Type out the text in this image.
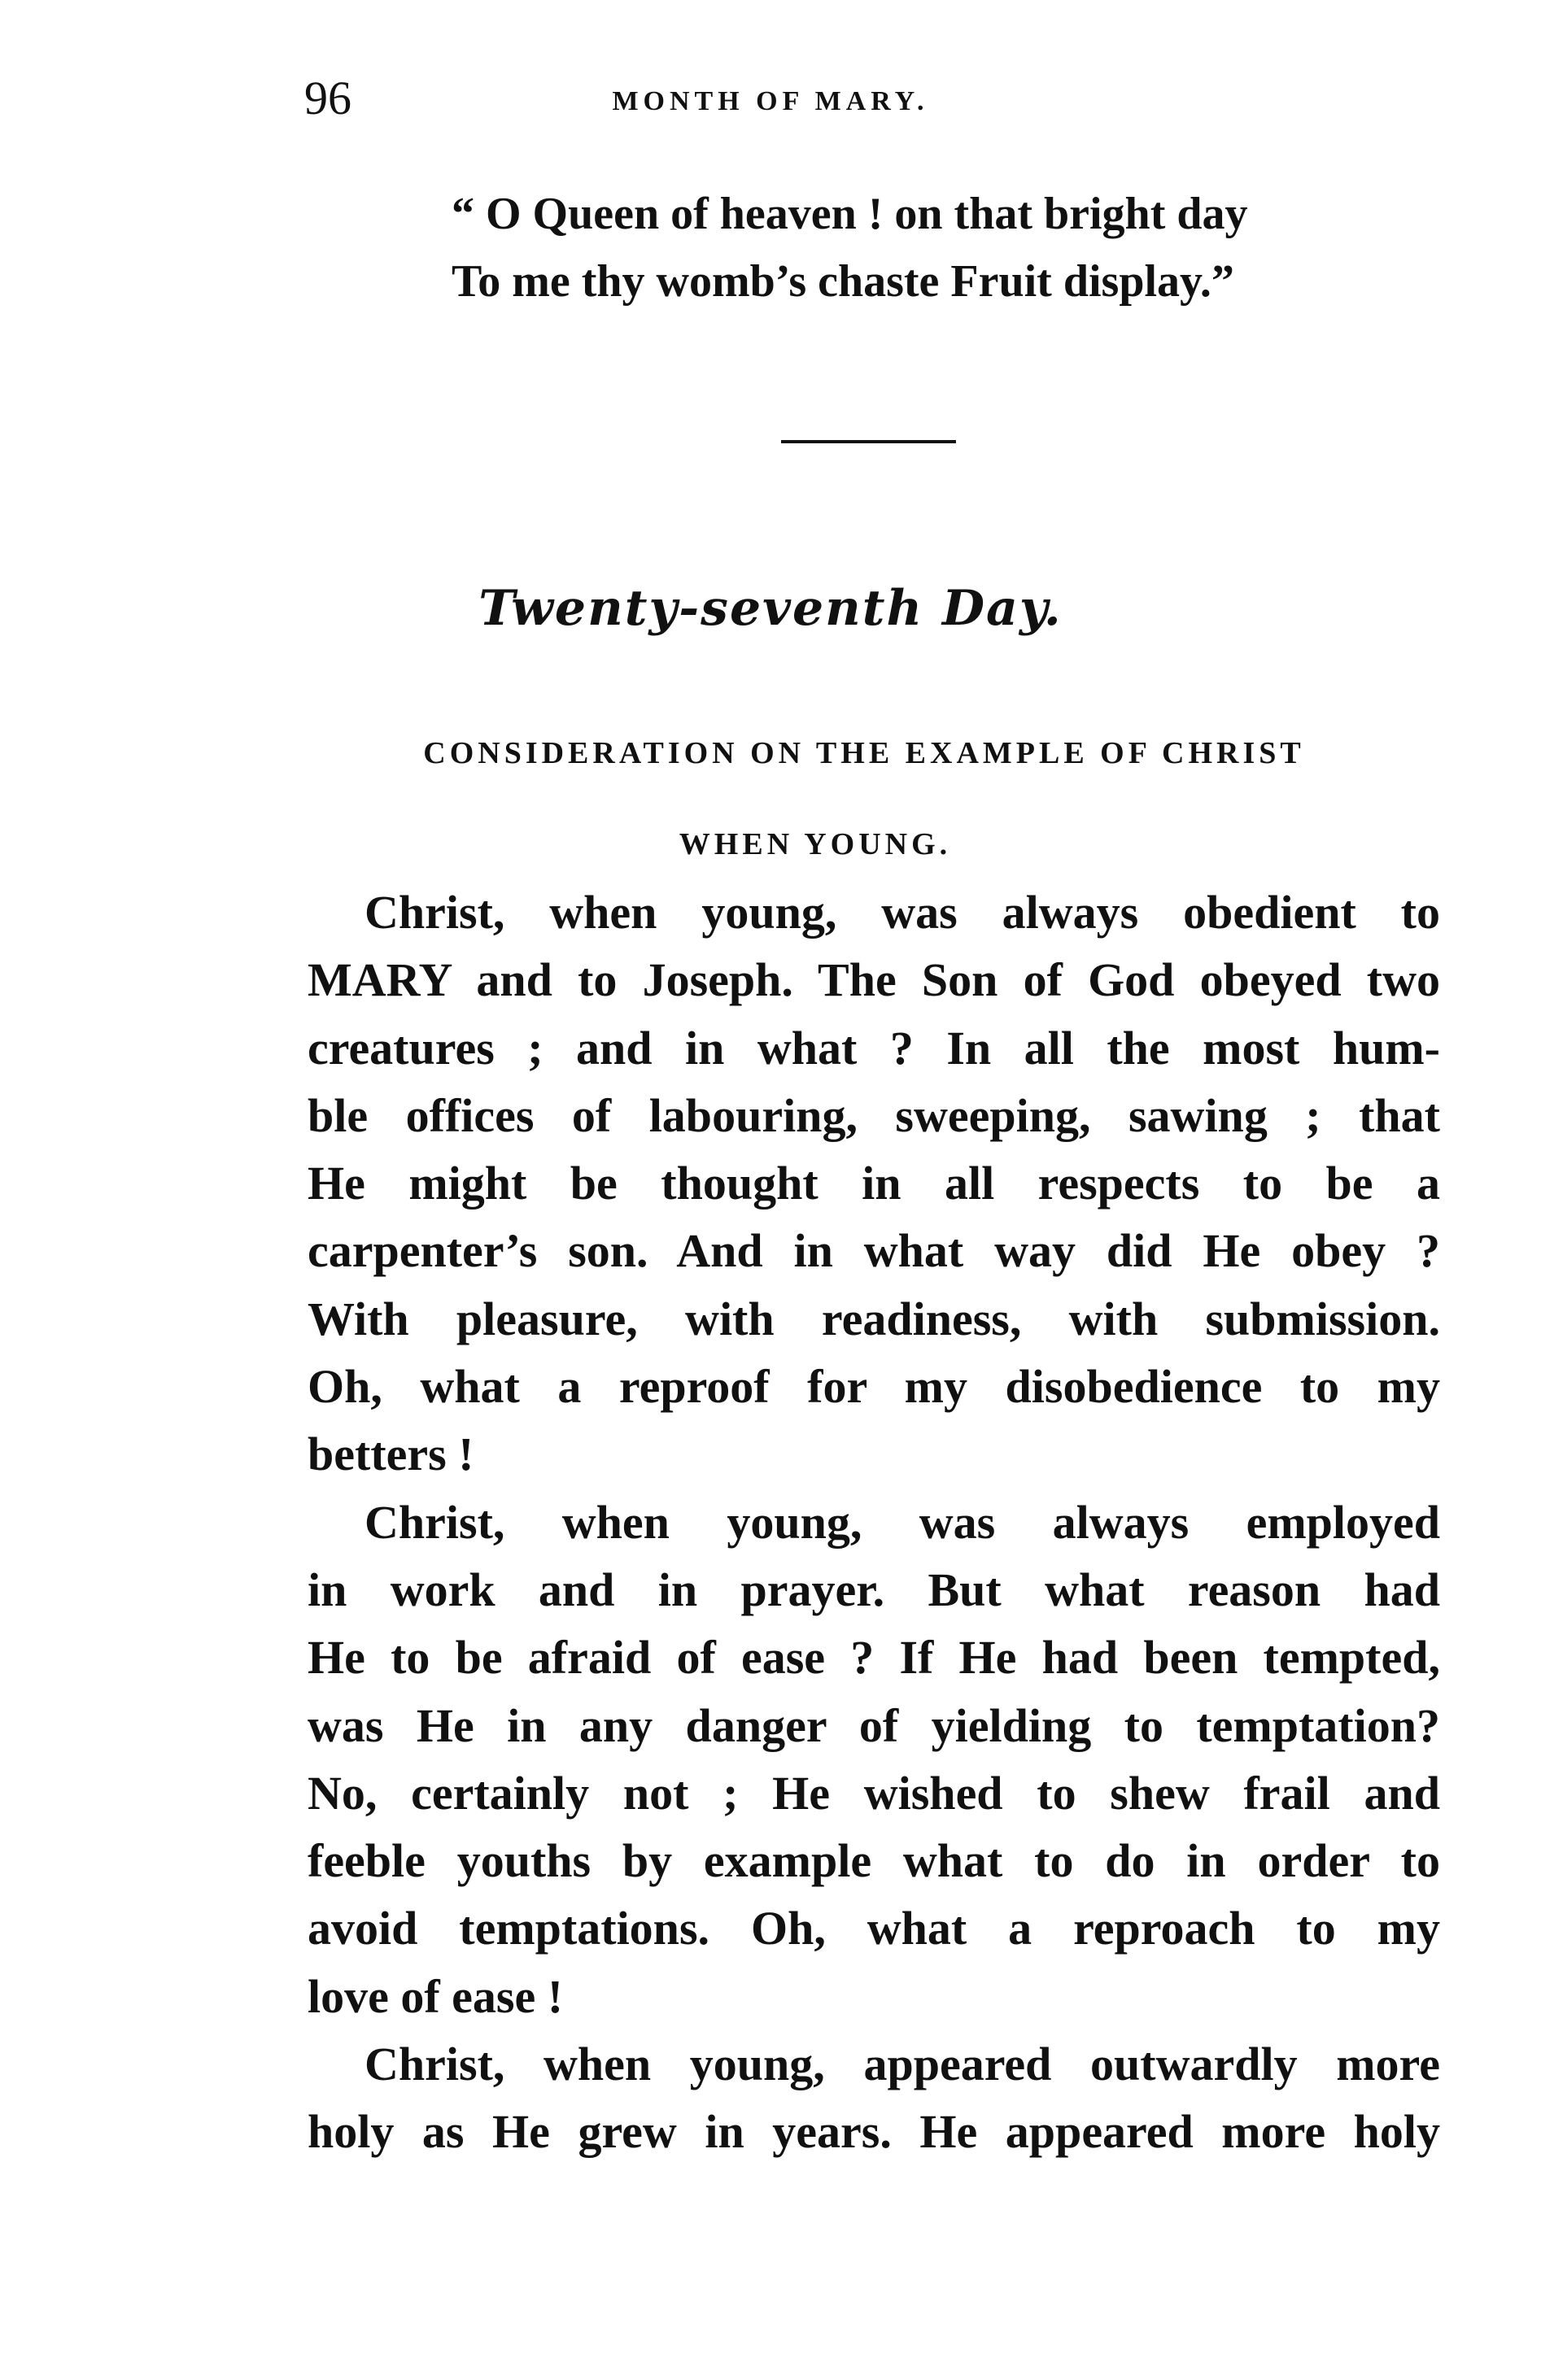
96	MONTH OF MARY.
“ O Queen of heaven ! on that bright day
To me thy womb’s chaste Fruit display.”
Twenty-seventh Day.
CONSIDERATION ON THE EXAMPLE OF CHRIST
WHEN YOUNG.
Christ, when young, was always obedient to
MARY and to Joseph. The Son of God obeyed two
creatures ; and in what ? In all the most hum-
ble offices of labouring, sweeping, sawing ; that
He might be thought in all respects to be a
carpenter’s son. And in what way did He obey ?
With pleasure, with readiness, with submission.
Oh, what a reproof for my disobedience to my
betters !
Christ, when young, was always employed
in work and in prayer. But what reason had
He to be afraid of ease ? If He had been tempted,
was He in any danger of yielding to temptation?
No, certainly not ; He wished to shew frail and
feeble youths by example what to do in order to
avoid temptations. Oh, what a reproach to my
love of ease !
Christ, when young, appeared outwardly more
holy as He grew in years. He appeared more holy
